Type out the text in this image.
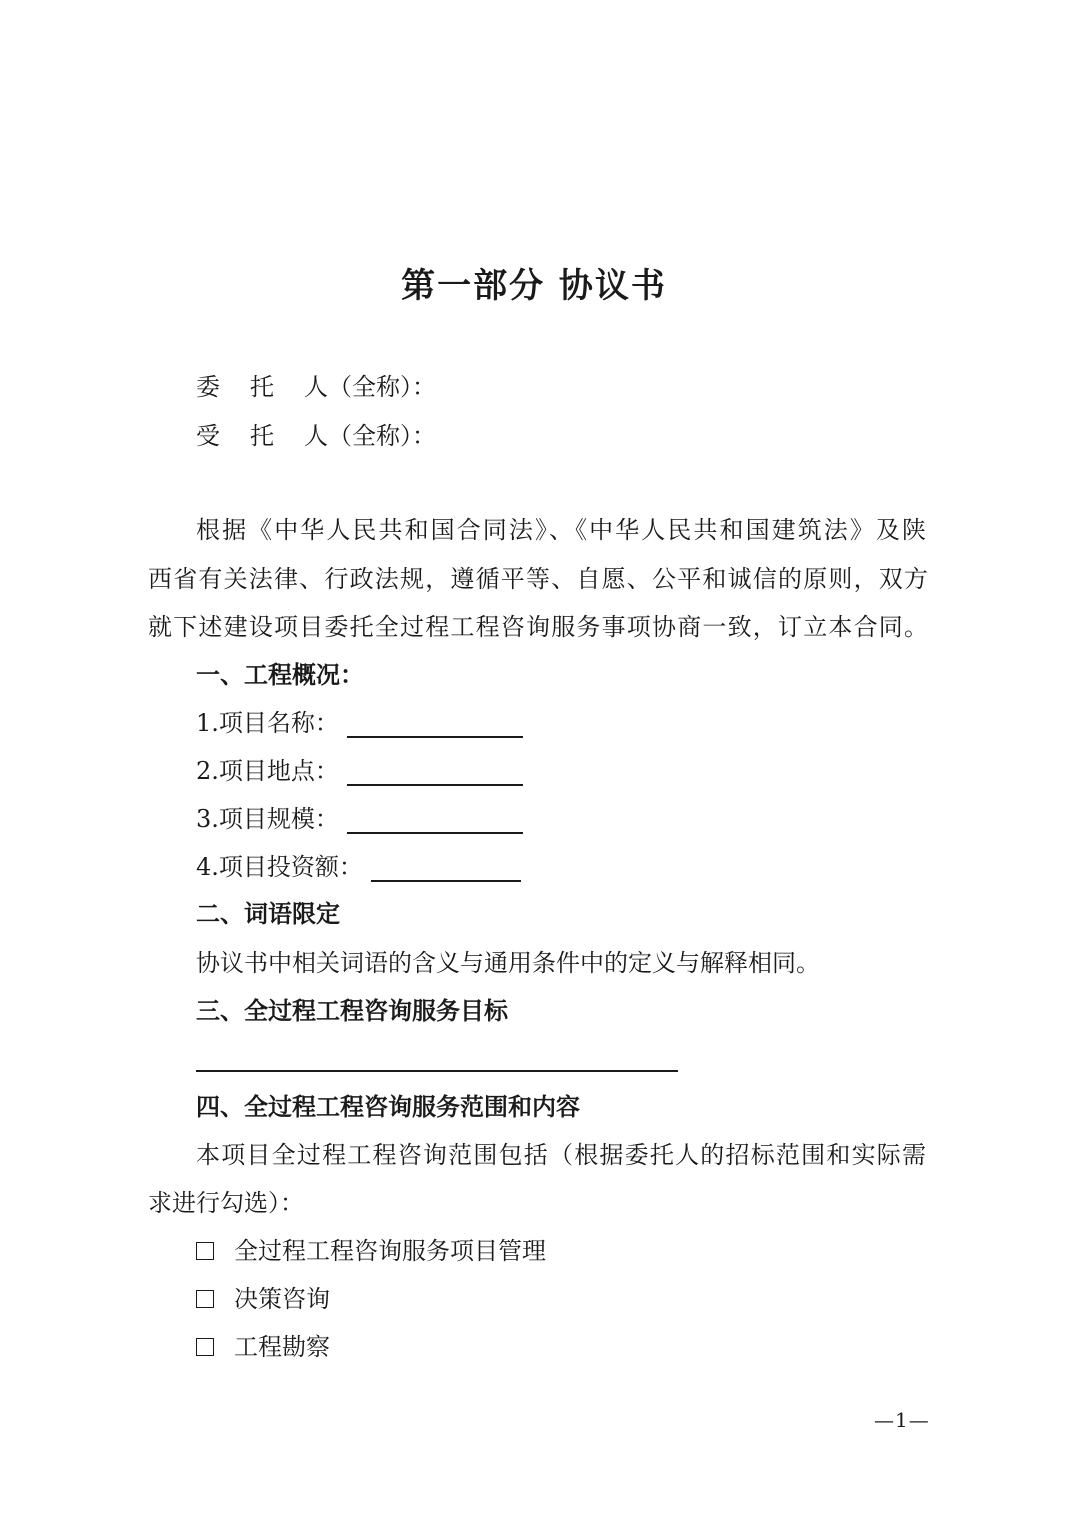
第一部分 协议书
委托人（全称）：
受托人（全称）：
根据《中华人民共和国合同法》、《中华人民共和国建筑法》及陕
西省有关法律、行政法规，遵循平等、自愿、公平和诚信的原则，双方
就下述建设项目委托全过程工程咨询服务事项协商一致，订立本合同。
一、工程概况：
1.项目名称：
2.项目地点：
3.项目规模：
4.项目投资额：
二、词语限定
协议书中相关词语的含义与通用条件中的定义与解释相同。
三、全过程工程咨询服务目标
四、全过程工程咨询服务范围和内容
本项目全过程工程咨询范围包括（根据委托人的招标范围和实际需
求进行勾选）：
全过程工程咨询服务项目管理
决策咨询
工程勘察
—1—
